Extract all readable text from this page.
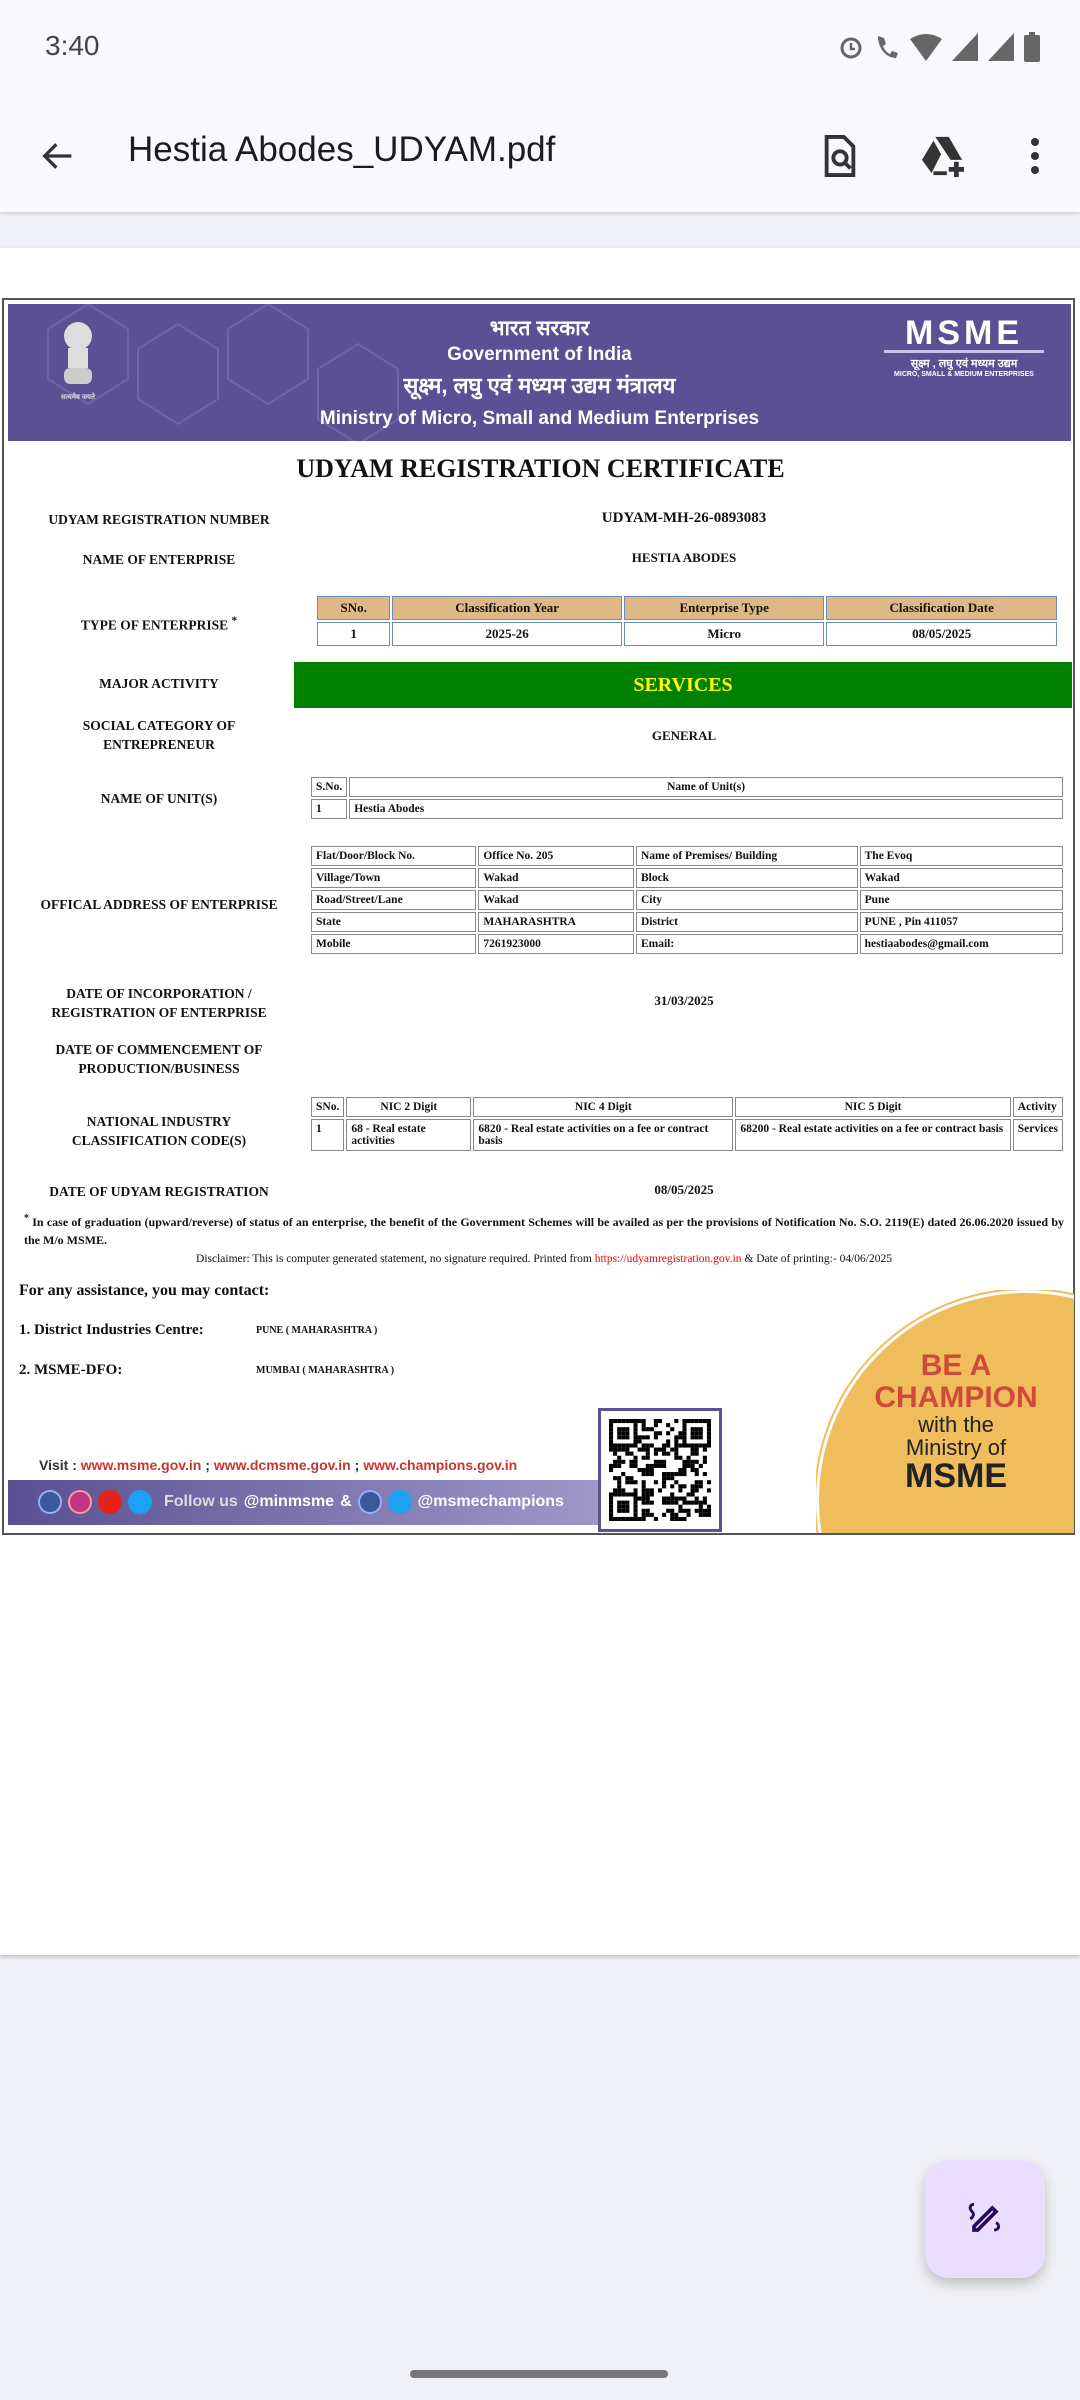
3:40
Hestia Abodes_UDYAM.pdf
सत्यमेव जयते
भारत सरकार
Government of India
सूक्ष्म, लघु एवं मध्यम उद्यम मंत्रालय
Ministry of Micro, Small and Medium Enterprises
MSME
सूक्ष्म , लघु एवं मध्यम उद्यम
MICRO, SMALL & MEDIUM ENTERPRISES
UDYAM REGISTRATION CERTIFICATE
UDYAM REGISTRATION NUMBER	UDYAM-MH-26-0893083
NAME OF ENTERPRISE	HESTIA ABODES
TYPE OF ENTERPRISE *
SNo.	Classification Year	Enterprise Type	Classification Date
1	2025-26	Micro	08/05/2025
MAJOR ACTIVITY	SERVICES
SOCIAL CATEGORY OF ENTREPRENEUR
GENERAL
NAME OF UNIT(S)
S.No.	Name of Unit(s)
1	Hestia Abodes
OFFICAL ADDRESS OF ENTERPRISE
Flat/Door/Block No.	Office No. 205	Name of Premises/ Building	The Evoq
Village/Town	Wakad	Block	Wakad
Road/Street/Lane	Wakad	City	Pune
State	MAHARASHTRA	District	PUNE , Pin 411057
Mobile	7261923000	Email:	hestiaabodes@gmail.com
DATE OF INCORPORATION / REGISTRATION OF ENTERPRISE
31/03/2025
DATE OF COMMENCEMENT OF PRODUCTION/BUSINESS
NATIONAL INDUSTRY CLASSIFICATION CODE(S)
SNo.	NIC 2 Digit	NIC 4 Digit	NIC 5 Digit	Activity
1	68 - Real estate activities	6820 - Real estate activities on a fee or contract basis	68200 - Real estate activities on a fee or contract basis	Services
DATE OF UDYAM REGISTRATION	08/05/2025
* In case of graduation (upward/reverse) of status of an enterprise, the benefit of the Government Schemes will be availed as per the provisions of Notification No. S.O. 2119(E) dated 26.06.2020 issued by the M/o MSME.
Disclaimer: This is computer generated statement, no signature required. Printed from https://udyamregistration.gov.in & Date of printing:- 04/06/2025
For any assistance, you may contact:
1. District Industries Centre:	PUNE ( MAHARASHTRA )
2. MSME-DFO:	MUMBAI ( MAHARASHTRA )	BE A
CHAMPION
with the
Ministry of
MSME
Follow us @minmsme &	@msmechampions
Visit : www.msme.gov.in ; www.dcmsme.gov.in ; www.champions.gov.in
